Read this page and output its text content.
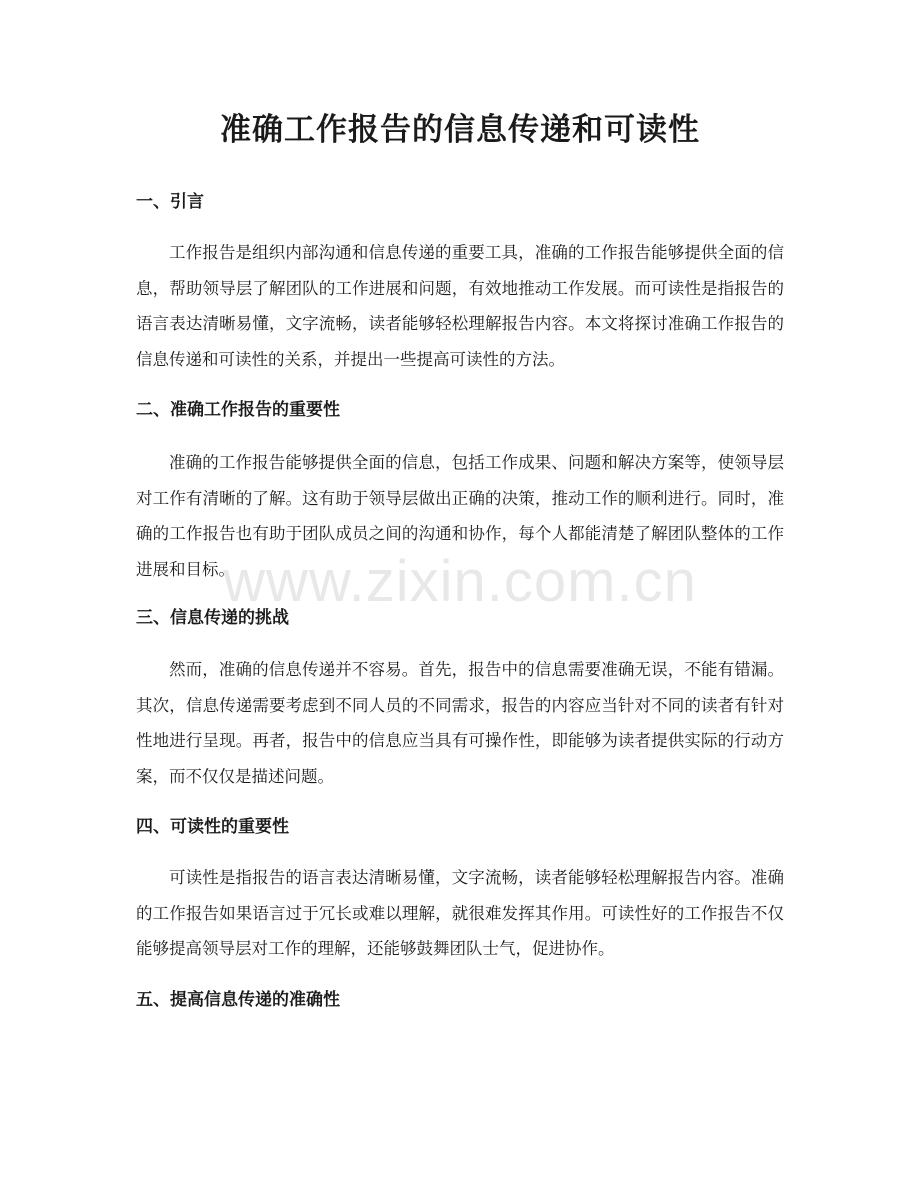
准确工作报告的信息传递和可读性
一、引言

工作报告是组织内部沟通和信息传递的重要工具，准确的工作报告能够提供全面的信息，帮助领导层了解团队的工作进展和问题，有效地推动工作发展。而可读性是指报告的语言表达清晰易懂，文字流畅，读者能够轻松理解报告内容。本文将探讨准确工作报告的信息传递和可读性的关系，并提出一些提高可读性的方法。

二、准确工作报告的重要性

准确的工作报告能够提供全面的信息，包括工作成果、问题和解决方案等，使领导层对工作有清晰的了解。这有助于领导层做出正确的决策，推动工作的顺利进行。同时，准确的工作报告也有助于团队成员之间的沟通和协作，每个人都能清楚了解团队整体的工作进展和目标。

三、信息传递的挑战

然而，准确的信息传递并不容易。首先，报告中的信息需要准确无误，不能有错漏。其次，信息传递需要考虑到不同人员的不同需求，报告的内容应当针对不同的读者有针对性地进行呈现。再者，报告中的信息应当具有可操作性，即能够为读者提供实际的行动方案，而不仅仅是描述问题。

四、可读性的重要性

可读性是指报告的语言表达清晰易懂，文字流畅，读者能够轻松理解报告内容。准确的工作报告如果语言过于冗长或难以理解，就很难发挥其作用。可读性好的工作报告不仅能够提高领导层对工作的理解，还能够鼓舞团队士气，促进协作。

五、提高信息传递的准确性
www.zixin.com.cn
